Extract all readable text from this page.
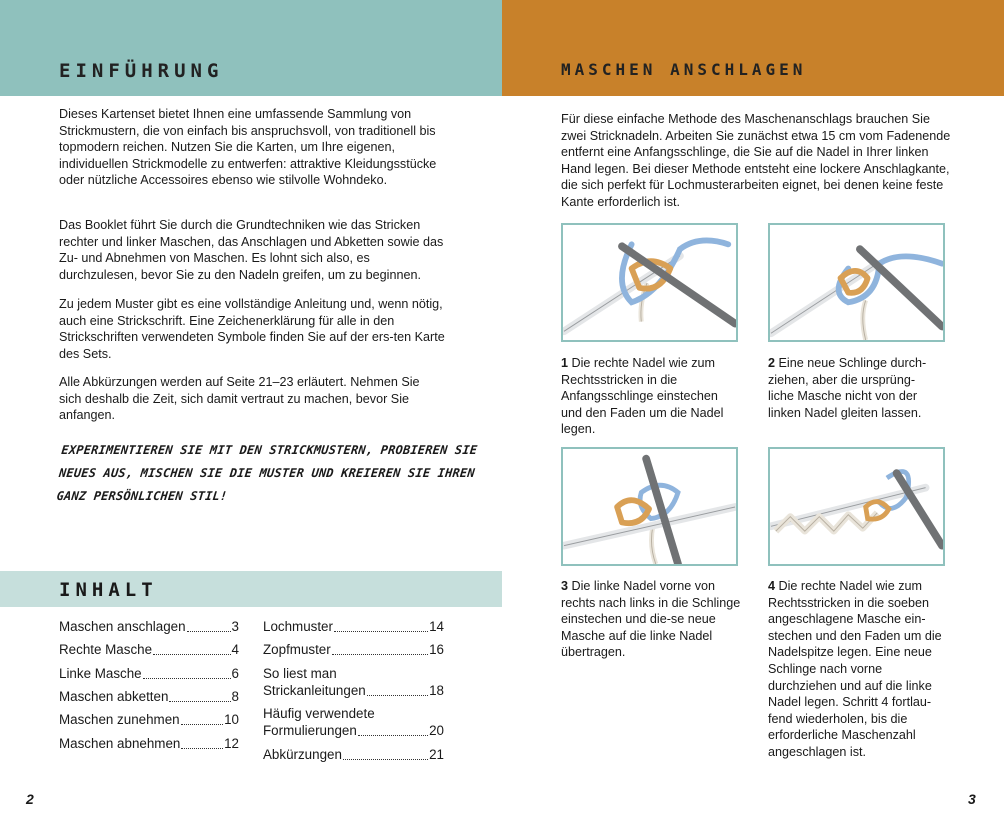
EINFÜHRUNG
Dieses Kartenset bietet Ihnen eine umfassende Sammlung von Strickmustern, die von einfach bis anspruchsvoll, von traditionell bis topmodern reichen. Nutzen Sie die Karten, um Ihre eigenen, individuellen Strickmodelle zu entwerfen: attraktive Kleidungsstücke oder nützliche Accessoires ebenso wie stilvolle Wohndeko.
Das Booklet führt Sie durch die Grundtechniken wie das Stricken rechter und linker Maschen, das Anschlagen und Abketten sowie das Zu- und Abnehmen von Maschen. Es lohnt sich also, es durchzulesen, bevor Sie zu den Nadeln greifen, um zu beginnen.
Zu jedem Muster gibt es eine vollständige Anleitung und, wenn nötig, auch eine Strickschrift. Eine Zeichenerklärung für alle in den Strickschriften verwendeten Symbole finden Sie auf der ers-ten Karte des Sets.
Alle Abkürzungen werden auf Seite 21–23 erläutert. Nehmen Sie sich deshalb die Zeit, sich damit vertraut zu machen, bevor Sie anfangen.
EXPERIMENTIEREN SIE MIT DEN STRICKMUSTERN, PROBIEREN SIE NEUES AUS, MISCHEN SIE DIE MUSTER UND KREIEREN SIE IHREN GANZ PERSÖNLICHEN STIL!
INHALT
Maschen anschlagen	3
Rechte Masche	4
Linke Masche	6
Maschen abketten	8
Maschen zunehmen	10
Maschen abnehmen	12
Lochmuster	14
Zopfmuster	16
So liest man
Strickanleitungen	18
Häufig verwendete
Formulierungen	20
Abkürzungen	21
2
MASCHEN ANSCHLAGEN
Für diese einfache Methode des Maschenanschlags brauchen Sie zwei Stricknadeln. Arbeiten Sie zunächst etwa 15 cm vom Fadenende entfernt eine Anfangsschlinge, die Sie auf die Nadel in Ihrer linken Hand legen. Bei dieser Methode entsteht eine lockere Anschlagkante, die sich perfekt für Lochmusterarbeiten eignet, bei denen keine feste Kante erforderlich ist.
1 Die rechte Nadel wie zum Rechtsstricken in die Anfangsschlinge einstechen und den Faden um die Nadel legen.
2 Eine neue Schlinge durch-ziehen, aber die ursprüng-liche Masche nicht von der linken Nadel gleiten lassen.
3 Die linke Nadel vorne von rechts nach links in die Schlinge einstechen und die-se neue Masche auf die linke Nadel übertragen.
4 Die rechte Nadel wie zum Rechtsstricken in die soeben angeschlagene Masche ein-stechen und den Faden um die Nadelspitze legen. Eine neue Schlinge nach vorne durchziehen und auf die linke Nadel legen. Schritt 4 fortlau-fend wiederholen, bis die erforderliche Maschenzahl angeschlagen ist.
3
